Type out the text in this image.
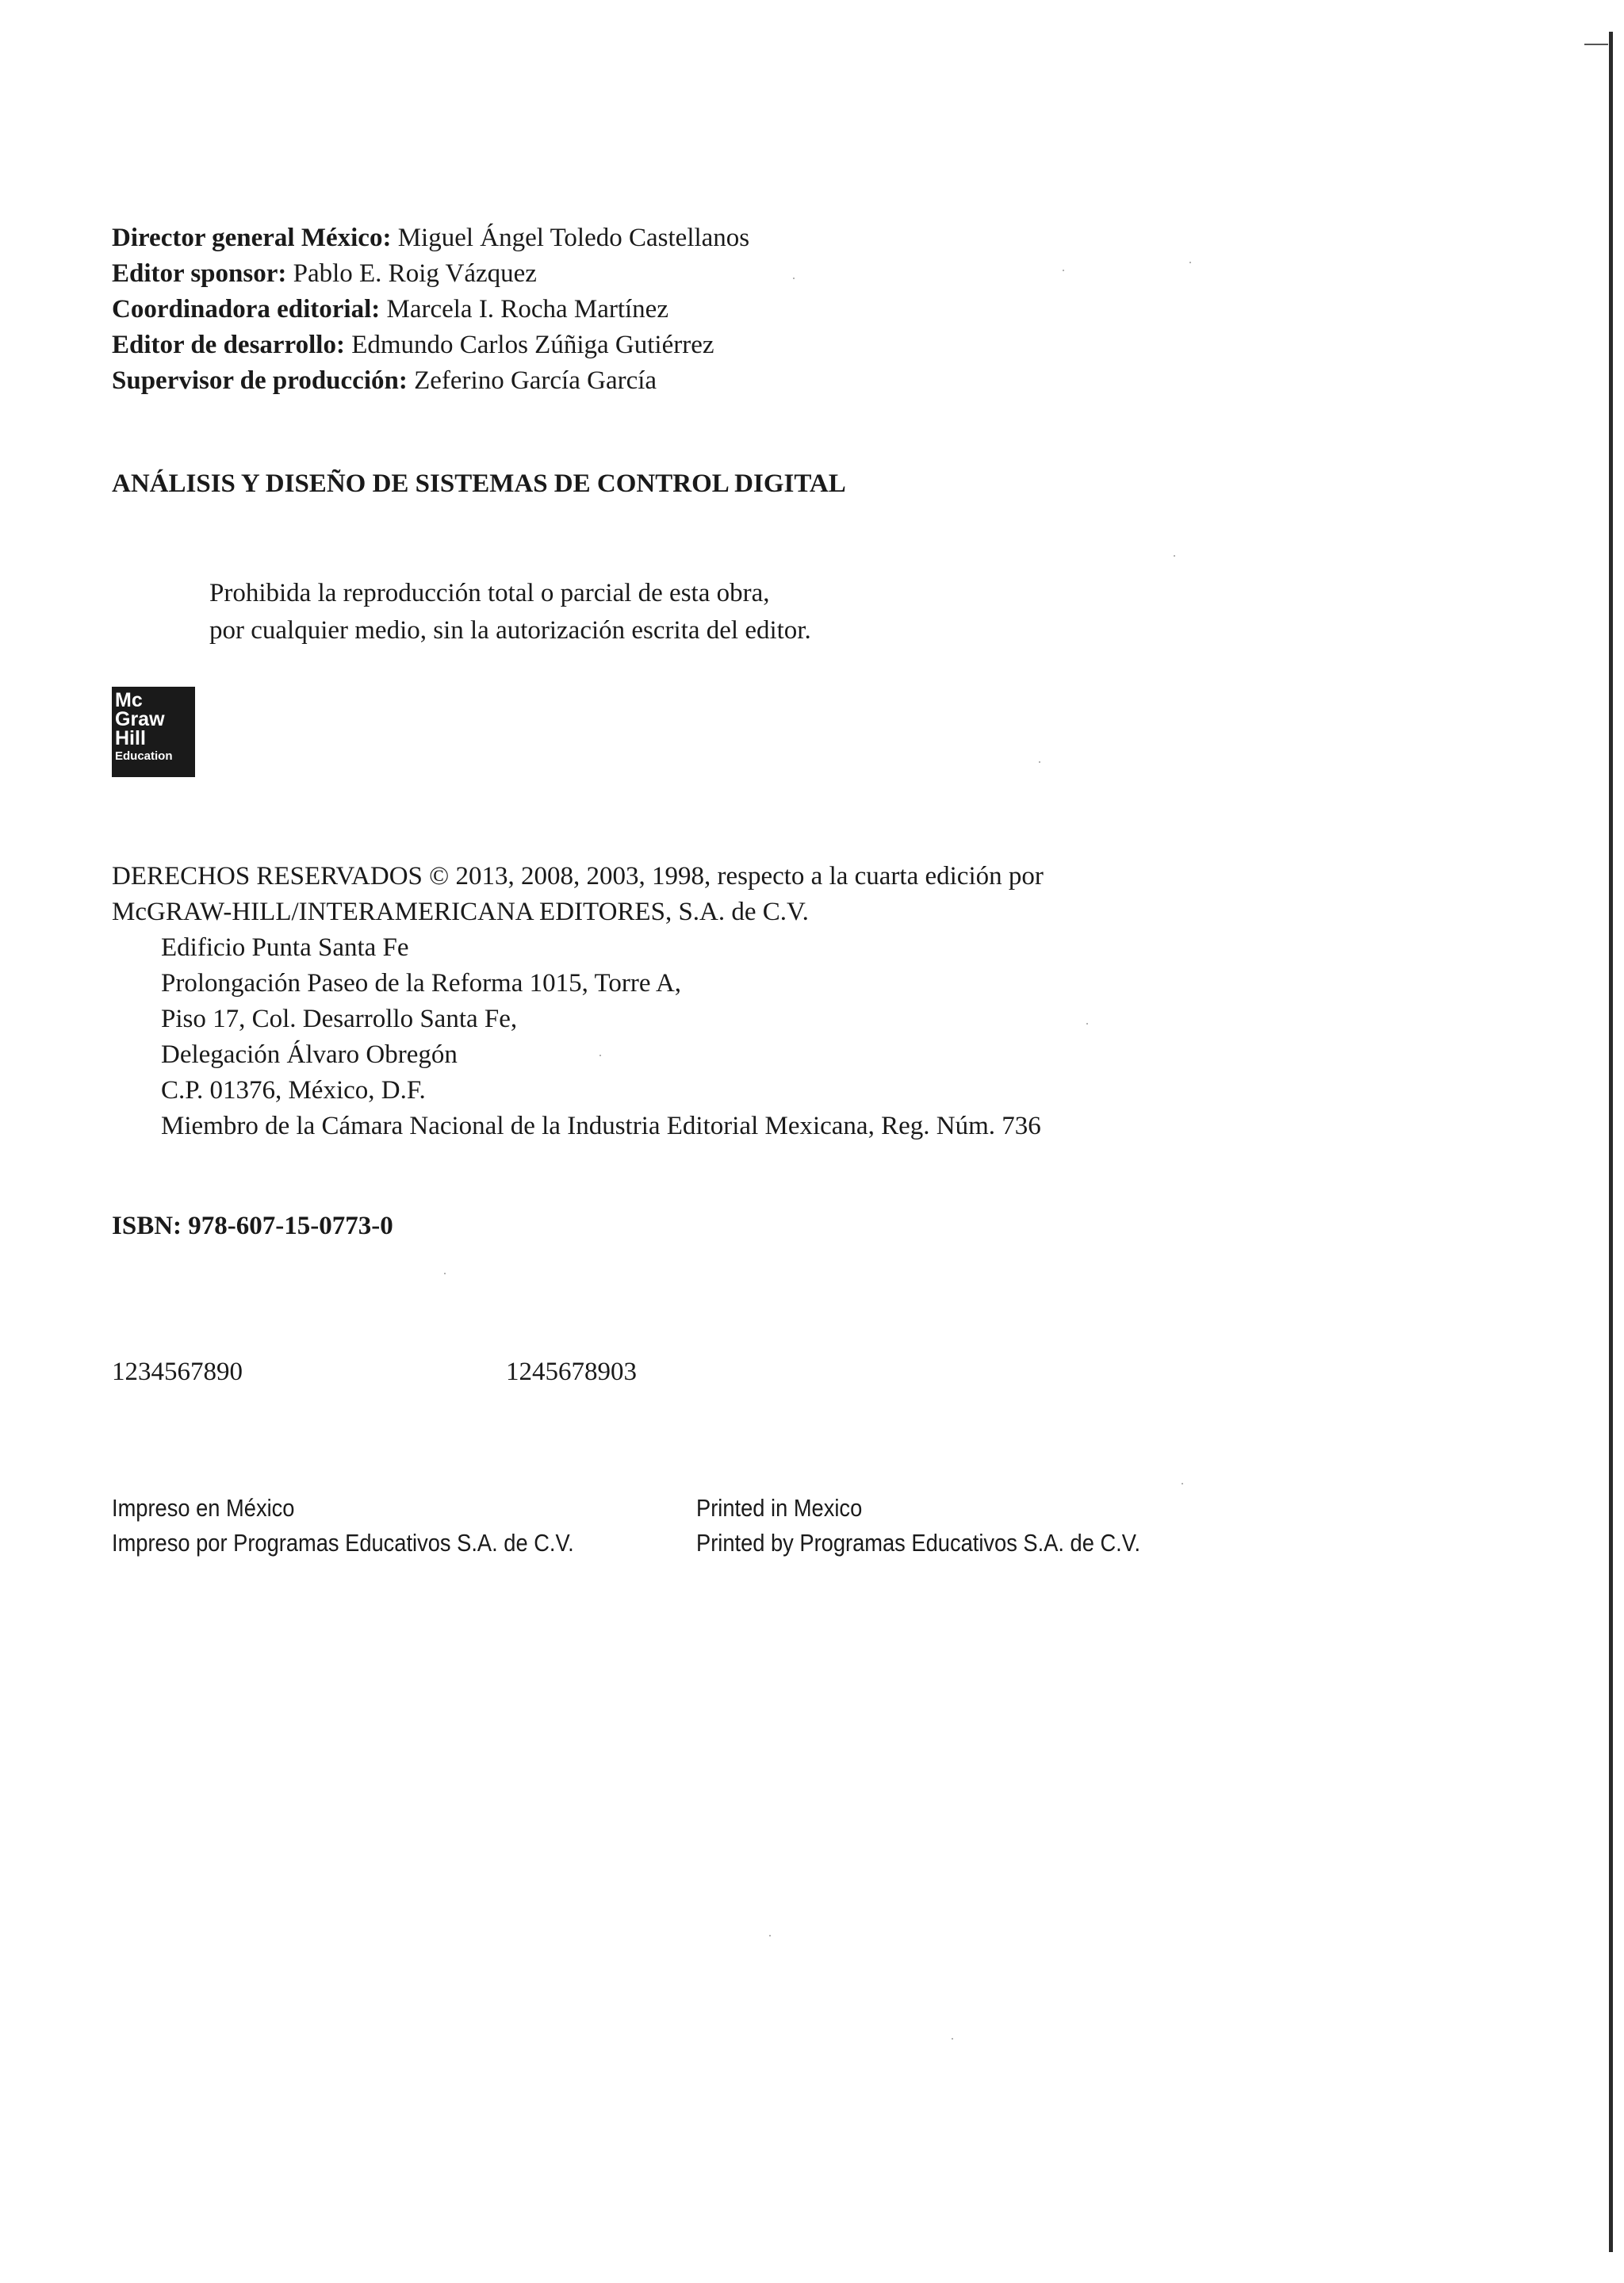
Director general México: Miguel Ángel Toledo Castellanos
Editor sponsor: Pablo E. Roig Vázquez
Coordinadora editorial: Marcela I. Rocha Martínez
Editor de desarrollo: Edmundo Carlos Zúñiga Gutiérrez
Supervisor de producción: Zeferino García García
ANÁLISIS Y DISEÑO DE SISTEMAS DE CONTROL DIGITAL
Prohibida la reproducción total o parcial de esta obra,
por cualquier medio, sin la autorización escrita del editor.
Mc
Graw
Hill
Education
DERECHOS RESERVADOS © 2013, 2008, 2003, 1998, respecto a la cuarta edición por
McGRAW-HILL/INTERAMERICANA EDITORES, S.A. de C.V.
Edificio Punta Santa Fe
Prolongación Paseo de la Reforma 1015, Torre A,
Piso 17, Col. Desarrollo Santa Fe,
Delegación Álvaro Obregón
C.P. 01376, México, D.F.
Miembro de la Cámara Nacional de la Industria Editorial Mexicana, Reg. Núm. 736
ISBN: 978-607-15-0773-0
1234567890	1245678903
Impreso en México
Impreso por Programas Educativos S.A. de C.V.
Printed in Mexico
Printed by Programas Educativos S.A. de C.V.
